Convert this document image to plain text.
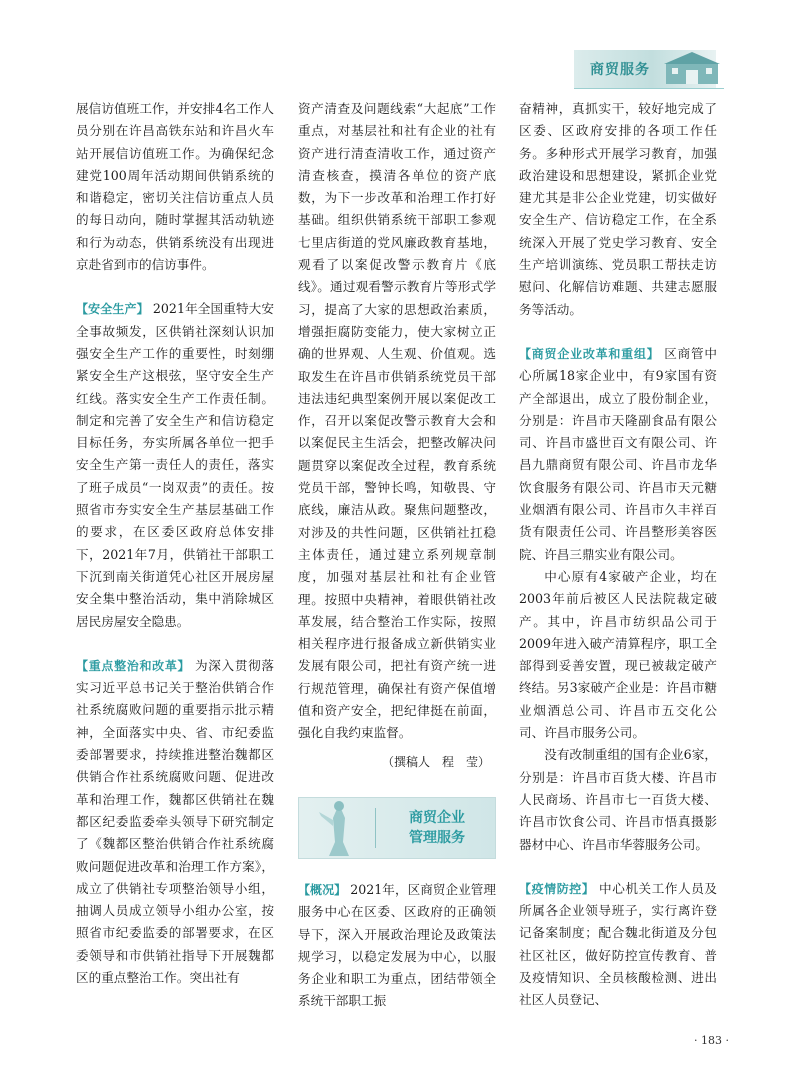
商贸服务

展信访值班工作，并安排4名工作人员分别在许昌高铁东站和许昌火车站开展信访值班工作。为确保纪念建党100周年活动期间供销系统的和谐稳定，密切关注信访重点人员的每日动向，随时掌握其活动轨迹和行为动态，供销系统没有出现进京赴省到市的信访事件。

【安全生产】 2021年全国重特大安全事故频发，区供销社深刻认识加强安全生产工作的重要性，时刻绷紧安全生产这根弦，坚守安全生产红线。落实安全生产工作责任制。制定和完善了安全生产和信访稳定目标任务，夯实所属各单位一把手安全生产第一责任人的责任，落实了班子成员“一岗双责”的责任。按照省市夯实安全生产基层基础工作的要求，在区委区政府总体安排下，2021年7月，供销社干部职工下沉到南关街道凭心社区开展房屋安全集中整治活动，集中消除城区居民房屋安全隐患。

【重点整治和改革】 为深入贯彻落实习近平总书记关于整治供销合作社系统腐败问题的重要指示批示精神，全面落实中央、省、市纪委监委部署要求，持续推进整治魏都区供销合作社系统腐败问题、促进改革和治理工作，魏都区供销社在魏都区纪委监委牵头领导下研究制定了《魏都区整治供销合作社系统腐败问题促进改革和治理工作方案》，成立了供销社专项整治领导小组，抽调人员成立领导小组办公室，按照省市纪委监委的部署要求，在区委领导和市供销社指导下开展魏都区的重点整治工作。突出社有

资产清查及问题线索“大起底”工作重点，对基层社和社有企业的社有资产进行清查清收工作，通过资产清查核查，摸清各单位的资产底数，为下一步改革和治理工作打好基础。组织供销系统干部职工参观七里店街道的党风廉政教育基地，观看了以案促改警示教育片《底线》。通过观看警示教育片等形式学习，提高了大家的思想政治素质，增强拒腐防变能力，使大家树立正确的世界观、人生观、价值观。选取发生在许昌市供销系统党员干部违法违纪典型案例开展以案促改工作，召开以案促改警示教育大会和以案促民主生活会，把整改解决问题贯穿以案促改全过程，教育系统党员干部，警钟长鸣，知敬畏、守底线，廉洁从政。聚焦问题整改，对涉及的共性问题，区供销社扛稳主体责任，通过建立系列规章制度，加强对基层社和社有企业管理。按照中央精神，着眼供销社改革发展，结合整治工作实际，按照相关程序进行报备成立新供销实业发展有限公司，把社有资产统一进行规范管理，确保社有资产保值增值和资产安全，把纪律挺在前面，强化自我约束监督。

（撰稿人　程　莹）
商贸企业
管理服务

【概况】 2021年，区商贸企业管理服务中心在区委、区政府的正确领导下，深入开展政治理论及政策法规学习，以稳定发展为中心，以服务企业和职工为重点，团结带领全系统干部职工振

奋精神，真抓实干，较好地完成了区委、区政府安排的各项工作任务。多种形式开展学习教育，加强政治建设和思想建设，紧抓企业党建尤其是非公企业党建，切实做好安全生产、信访稳定工作，在全系统深入开展了党史学习教育、安全生产培训演练、党员职工帮扶走访慰问、化解信访难题、共建志愿服务等活动。

【商贸企业改革和重组】 区商管中心所属18家企业中，有9家国有资产全部退出，成立了股份制企业，分别是：许昌市天隆副食品有限公司、许昌市盛世百文有限公司、许昌九鼎商贸有限公司、许昌市龙华饮食服务有限公司、许昌市天元糖业烟酒有限公司、许昌市久丰祥百货有限责任公司、许昌整形美容医院、许昌三鼎实业有限公司。

中心原有4家破产企业，均在2003年前后被区人民法院裁定破产。其中，许昌市纺织品公司于2009年进入破产清算程序，职工全部得到妥善安置，现已被裁定破产终结。另3家破产企业是：许昌市糖业烟酒总公司、许昌市五交化公司、许昌市服务公司。

没有改制重组的国有企业6家，分别是：许昌市百货大楼、许昌市人民商场、许昌市七一百货大楼、许昌市饮食公司、许昌市悟真摄影器材中心、许昌市华蓉服务公司。

【疫情防控】 中心机关工作人员及所属各企业领导班子，实行离许登记备案制度；配合魏北街道及分包社区社区，做好防控宣传教育、普及疫情知识、全员核酸检测、进出社区人员登记、

· 183 ·
